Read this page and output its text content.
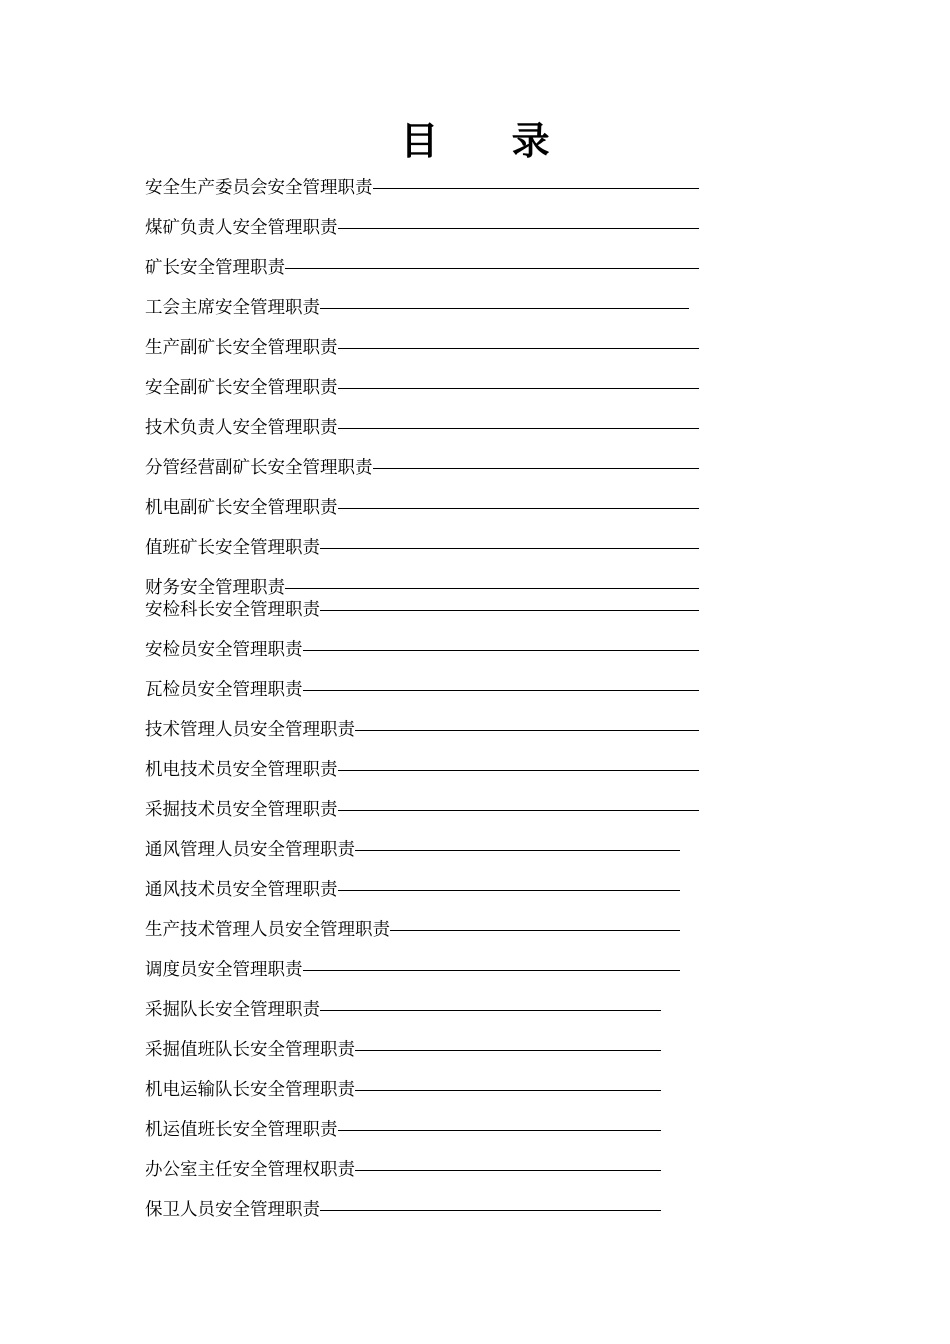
目 录
安全生产委员会安全管理职责
煤矿负责人安全管理职责
矿长安全管理职责
工会主席安全管理职责
生产副矿长安全管理职责
安全副矿长安全管理职责
技术负责人安全管理职责
分管经营副矿长安全管理职责
机电副矿长安全管理职责
值班矿长安全管理职责
财务安全管理职责
安检科长安全管理职责
安检员安全管理职责
瓦检员安全管理职责
技术管理人员安全管理职责
机电技术员安全管理职责
采掘技术员安全管理职责
通风管理人员安全管理职责
通风技术员安全管理职责
生产技术管理人员安全管理职责
调度员安全管理职责
采掘队长安全管理职责
采掘值班队长安全管理职责
机电运输队长安全管理职责
机运值班长安全管理职责
办公室主任安全管理权职责
保卫人员安全管理职责
